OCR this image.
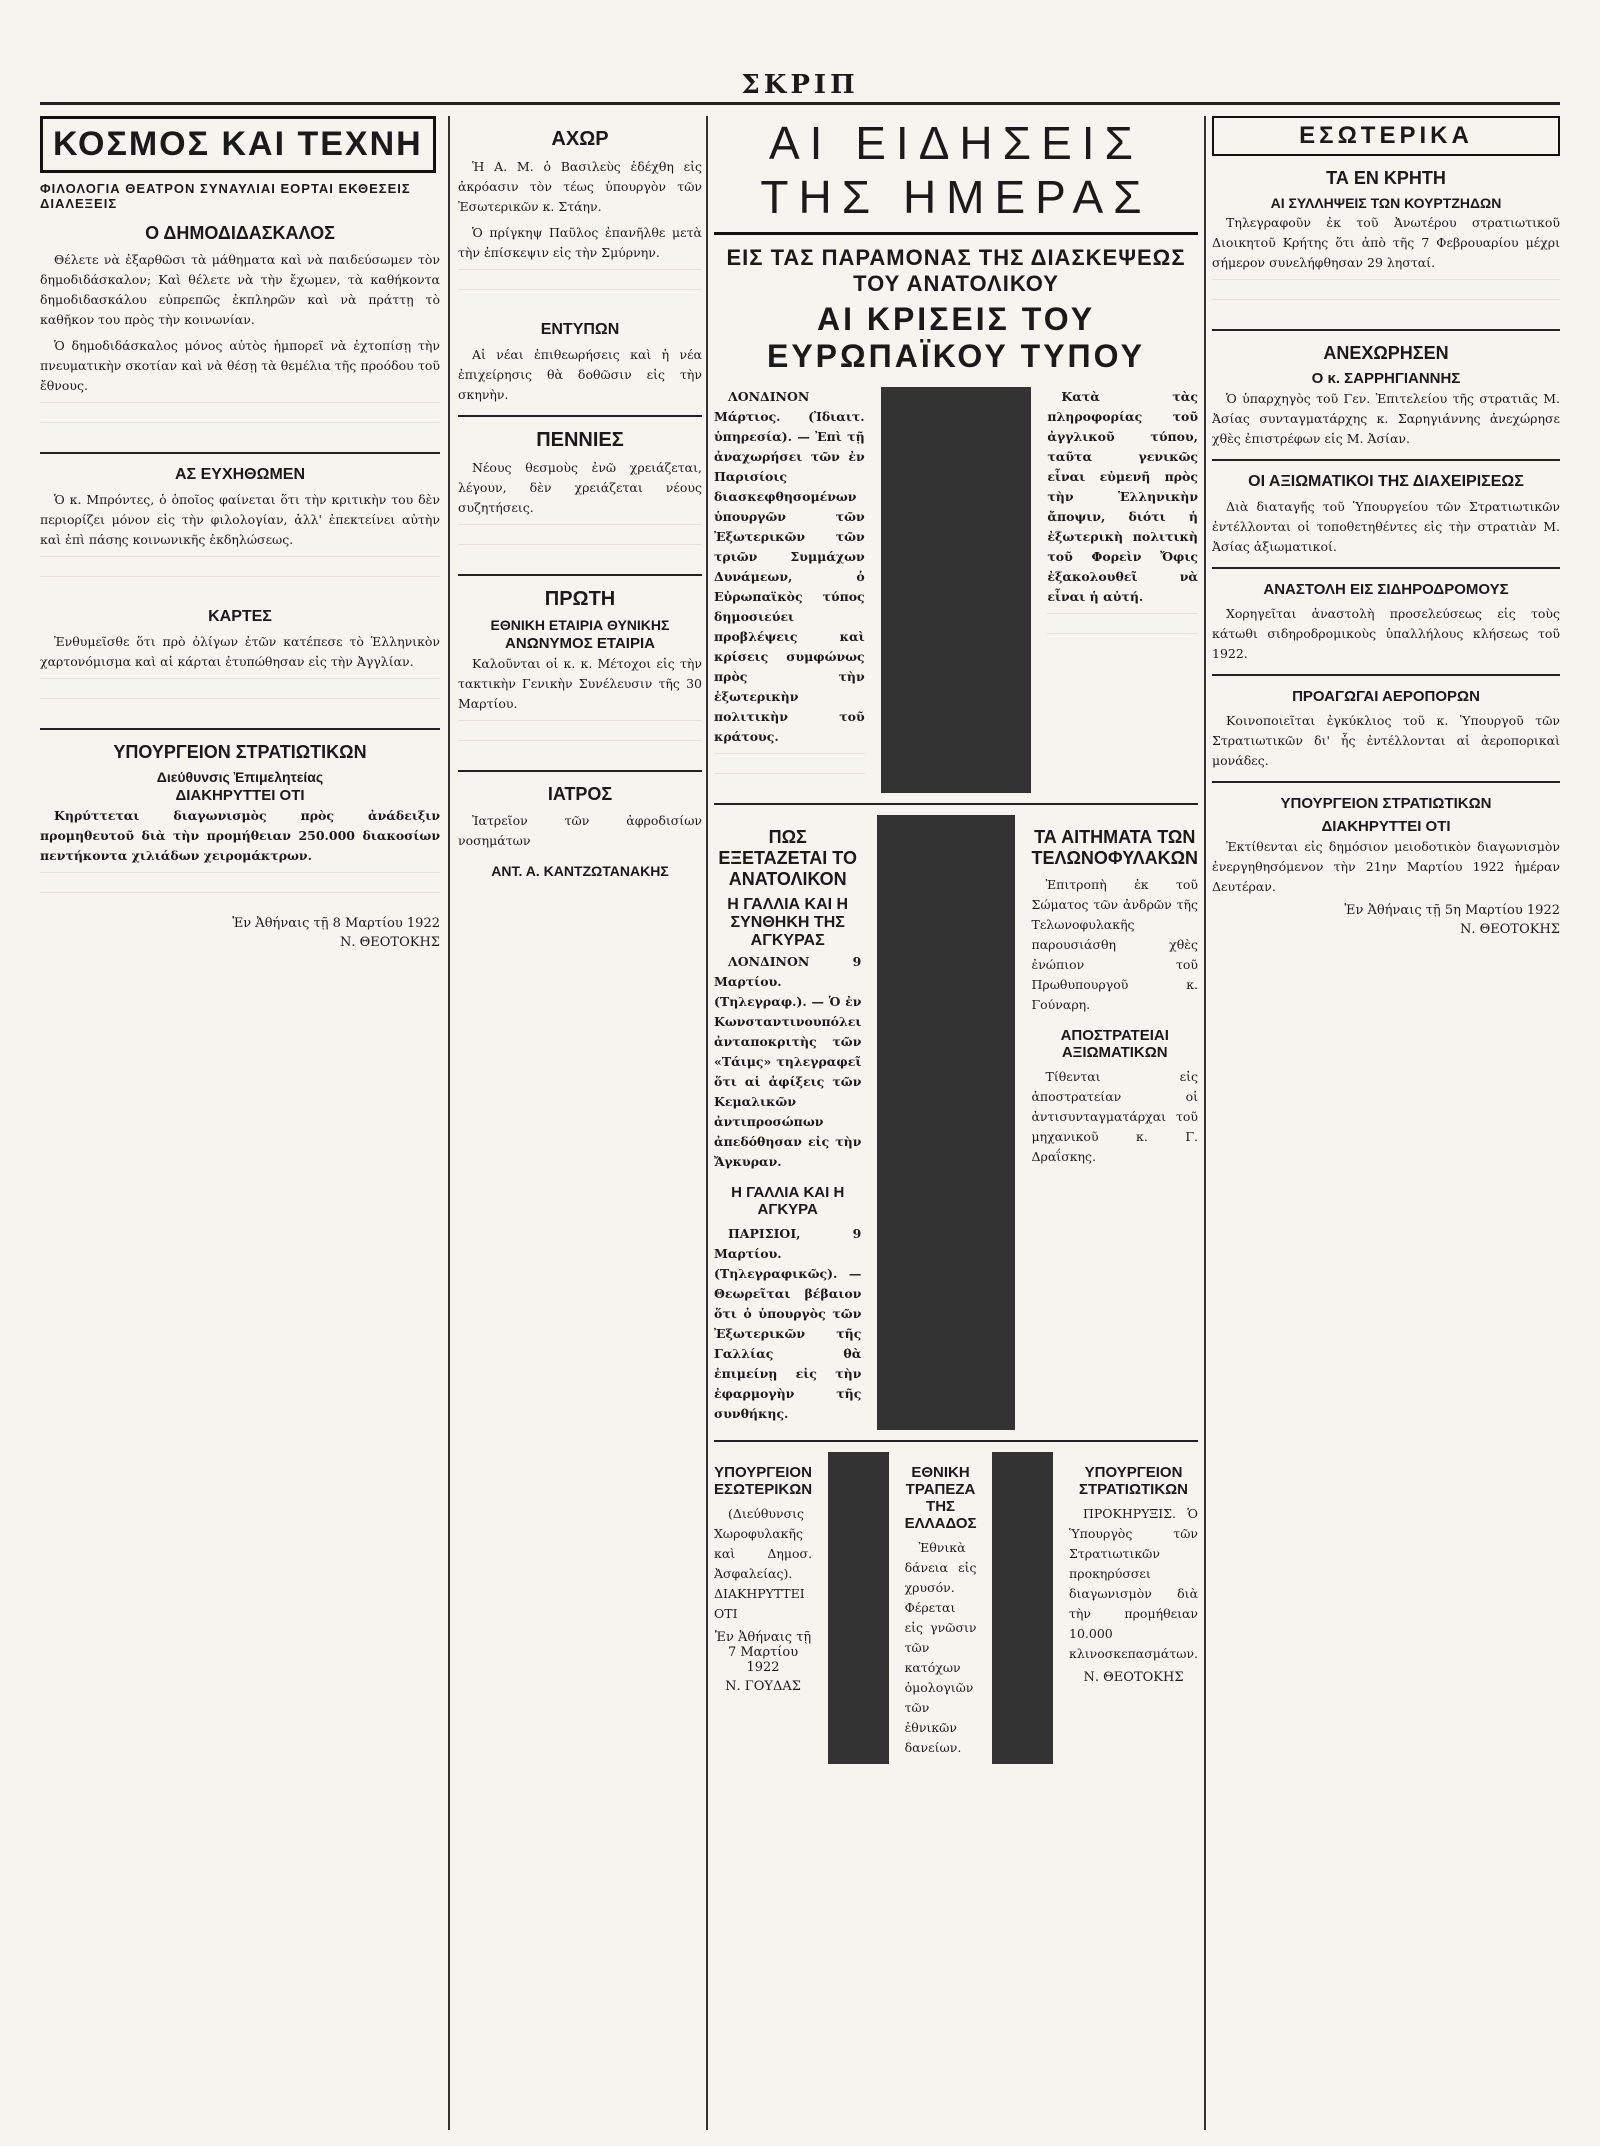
ΣΚΡΙΠ
ΚΟΣΜΟΣ ΚΑΙ ΤΕΧΝΗ
ΦΙΛΟΛΟΓΙΑ ΘΕΑΤΡΟΝ ΣΥΝΑΥΛΙΑΙ ΕΟΡΤΑΙ ΕΚΘΕΣΕΙΣ ΔΙΑΛΕΞΕΙΣ
Ο ΔΗΜΟΔΙΔΑΣΚΑΛΟΣ

Θέλετε νὰ ἐξαρθῶσι τὰ μάθηματα καὶ νὰ παιδεύσωμεν τὸν δημοδιδάσκαλον; Καὶ θέλετε νὰ τὴν ἔχωμεν, τὰ καθήκοντα δημοδιδασκάλου εὐπρεπῶς ἐκπληρῶν καὶ νὰ πράττῃ τὸ καθῆκον του πρὸς τὴν κοινωνίαν.

Ὁ δημοδιδάσκαλος μόνος αὐτὸς ἡμπορεῖ νὰ ἐχτοπίσῃ τὴν πνευματικὴν σκοτίαν καὶ νὰ θέσῃ τὰ θεμέλια τῆς προόδου τοῦ ἔθνους.

ΑΣ ΕΥΧΗΘΩΜΕΝ

Ὁ κ. Μπρόντες, ὁ ὁποῖος φαίνεται ὅτι τὴν κριτικὴν του δὲν περιορίζει μόνον εἰς τὴν φιλολογίαν, ἀλλ' ἐπεκτείνει αὐτὴν καὶ ἐπὶ πάσης κοινωνικῆς ἐκδηλώσεως.

ΚΑΡΤΕΣ

Ἐνθυμεῖσθε ὅτι πρὸ ὀλίγων ἐτῶν κατέπεσε τὸ Ἑλληνικὸν χαρτονόμισμα καὶ αἱ κάρται ἐτυπώθησαν εἰς τὴν Ἀγγλίαν.

ΥΠΟΥΡΓΕΙΟΝ ΣΤΡΑΤΙΩΤΙΚΩΝ
Διεύθυνσις Ἐπιμελητείας
ΔΙΑΚΗΡΥΤΤΕΙ ΟΤΙ

Κηρύττεται διαγωνισμὸς πρὸς ἀνάδειξιν προμηθευτοῦ διὰ τὴν προμήθειαν 250.000 διακοσίων πεντήκοντα χιλιάδων χειρομάκτρων.

Ἐν Ἀθήναις τῇ 8 Μαρτίου 1922
Ν. ΘΕΟΤΟΚΗΣ
ΑΧΩΡ

Ἡ Α. Μ. ὁ Βασιλεὺς ἐδέχθη εἰς ἀκρόασιν τὸν τέως ὑπουργὸν τῶν Ἐσωτερικῶν κ. Στάην.

Ὁ πρίγκηψ Παῦλος ἐπανῆλθε μετὰ τὴν ἐπίσκεψιν εἰς τὴν Σμύρνην.

ΕΝΤΥΠΩΝ

Αἱ νέαι ἐπιθεωρήσεις καὶ ἡ νέα ἐπιχείρησις θὰ δοθῶσιν εἰς τὴν σκηνὴν.

ΠΕΝΝΙΕΣ

Νέους θεσμοὺς ἐνῶ χρειάζεται, λέγουν, δὲν χρειάζεται νέους συζητήσεις.

ΠΡΩΤΗ
ΕΘΝΙΚΗ ΕΤΑΙΡΙΑ ΘΥΝΙΚΗΣ
ΑΝΩΝΥΜΟΣ ΕΤΑΙΡΙΑ

Καλοῦνται οἱ κ. κ. Μέτοχοι εἰς τὴν τακτικὴν Γενικὴν Συνέλευσιν τῆς 30 Μαρτίου.

ΙΑΤΡΟΣ

Ἰατρεῖον τῶν ἀφροδισίων νοσημάτων

ΑΝΤ. Α. ΚΑΝΤΖΩΤΑΝΑΚΗΣ
ΑΙ ΕΙΔΗΣΕΙΣ ΤΗΣ ΗΜΕΡΑΣ
ΕΙΣ ΤΑΣ ΠΑΡΑΜΟΝΑΣ ΤΗΣ ΔΙΑΣΚΕΨΕΩΣ ΤΟΥ ΑΝΑΤΟΛΙΚΟΥ
ΑΙ ΚΡΙΣΕΙΣ ΤΟΥ ΕΥΡΩΠΑΪΚΟΥ ΤΥΠΟΥ

ΛΟΝΔΙΝΟΝ Μάρτιος. (Ἰδιαιτ. ὑπηρεσία). — Ἐπὶ τῇ ἀναχωρήσει τῶν ἐν Παρισίοις διασκεφθησομένων ὑπουργῶν τῶν Ἐξωτερικῶν τῶν τριῶν Συμμάχων Δυνάμεων, ὁ Εὐρωπαϊκὸς τύπος δημοσιεύει προβλέψεις καὶ κρίσεις συμφώνως πρὸς τὴν ἐξωτερικὴν πολιτικὴν τοῦ κράτους.

Κατὰ τὰς πληροφορίας τοῦ ἀγγλικοῦ τύπου, ταῦτα γενικῶς εἶναι εὐμενῆ πρὸς τὴν Ἑλληνικὴν ἄποψιν, διότι ἡ ἐξωτερικὴ πολιτικὴ τοῦ Φορεὶν Ὄφις ἐξακολουθεῖ νὰ εἶναι ἡ αὐτή.

ΠΩΣ ΕΞΕΤΑΖΕΤΑΙ ΤΟ ΑΝΑΤΟΛΙΚΟΝ
Η ΓΑΛΛΙΑ ΚΑΙ Η ΣΥΝΘΗΚΗ ΤΗΣ ΑΓΚΥΡΑΣ

ΛΟΝΔΙΝΟΝ 9 Μαρτίου. (Τηλεγραφ.). — Ὁ ἐν Κωνσταντινουπόλει ἀνταποκριτὴς τῶν «Τάιμς» τηλεγραφεῖ ὅτι αἱ ἀφίξεις τῶν Κεμαλικῶν ἀντιπροσώπων ἀπεδόθησαν εἰς τὴν Ἄγκυραν.

Η ΓΑΛΛΙΑ ΚΑΙ Η ΑΓΚΥΡΑ

ΠΑΡΙΣΙΟΙ, 9 Μαρτίου. (Τηλεγραφικῶς). — Θεωρεῖται βέβαιον ὅτι ὁ ὑπουργὸς τῶν Ἐξωτερικῶν τῆς Γαλλίας θὰ ἐπιμείνῃ εἰς τὴν ἐφαρμογὴν τῆς συνθήκης.

ΤΑ ΑΙΤΗΜΑΤΑ ΤΩΝ ΤΕΛΩΝΟΦΥΛΑΚΩΝ

Ἐπιτροπὴ ἐκ τοῦ Σώματος τῶν ἀνδρῶν τῆς Τελωνοφυλακῆς παρουσιάσθη χθὲς ἐνώπιον τοῦ Πρωθυπουργοῦ κ. Γούναρη.

ΑΠΟΣΤΡΑΤΕΙΑΙ ΑΞΙΩΜΑΤΙΚΩΝ

Τίθενται εἰς ἀποστρατείαν οἱ ἀντισυνταγματάρχαι τοῦ μηχανικοῦ κ. Γ. Δραΐσκης.

ΥΠΟΥΡΓΕΙΟΝ ΕΣΩΤΕΡΙΚΩΝ

(Διεύθυνσις Χωροφυλακῆς καὶ Δημοσ. Ἀσφαλείας). ΔΙΑΚΗΡΥΤΤΕΙ ΟΤΙ

Ἐν Ἀθήναις τῇ 7 Μαρτίου 1922
Ν. ΓΟΥΔΑΣ
ΕΘΝΙΚΗ ΤΡΑΠΕΖΑ ΤΗΣ ΕΛΛΑΔΟΣ

Ἐθνικὰ δάνεια εἰς χρυσόν. Φέρεται εἰς γνῶσιν τῶν κατόχων ὁμολογιῶν τῶν ἐθνικῶν δανείων.

ΥΠΟΥΡΓΕΙΟΝ ΣΤΡΑΤΙΩΤΙΚΩΝ

ΠΡΟΚΗΡΥΞΙΣ. Ὁ Ὑπουργὸς τῶν Στρατιωτικῶν προκηρύσσει διαγωνισμὸν διὰ τὴν προμήθειαν 10.000 κλινοσκεπασμάτων.

Ν. ΘΕΟΤΟΚΗΣ
ΕΣΩΤΕΡΙΚΑ
ΤΑ ΕΝ ΚΡΗΤΗ
ΑΙ ΣΥΛΛΗΨΕΙΣ ΤΩΝ ΚΟΥΡΤΖΗΔΩΝ

Τηλεγραφοῦν ἐκ τοῦ Ἀνωτέρου στρατιωτικοῦ Διοικητοῦ Κρήτης ὅτι ἀπὸ τῆς 7 Φεβρουαρίου μέχρι σήμερον συνελήφθησαν 29 λησταί.

ΑΝΕΧΩΡΗΣΕΝ
Ο κ. ΣΑΡΡΗΓΙΑΝΝΗΣ

Ὁ ὑπαρχηγὸς τοῦ Γεν. Ἐπιτελείου τῆς στρατιᾶς Μ. Ἀσίας συνταγματάρχης κ. Σαρηγιάννης ἀνεχώρησε χθὲς ἐπιστρέφων εἰς Μ. Ἀσίαν.

ΟΙ ΑΞΙΩΜΑΤΙΚΟΙ ΤΗΣ ΔΙΑΧΕΙΡΙΣΕΩΣ

Διὰ διαταγῆς τοῦ Ὑπουργείου τῶν Στρατιωτικῶν ἐντέλλονται οἱ τοποθετηθέντες εἰς τὴν στρατιὰν Μ. Ἀσίας ἀξιωματικοί.

ΑΝΑΣΤΟΛΗ ΕΙΣ ΣΙΔΗΡΟΔΡΟΜΟΥΣ

Χορηγεῖται ἀναστολὴ προσελεύσεως εἰς τοὺς κάτωθι σιδηροδρομικοὺς ὑπαλλήλους κλήσεως τοῦ 1922.

ΠΡΟΑΓΩΓΑΙ ΑΕΡΟΠΟΡΩΝ

Κοινοποιεῖται ἐγκύκλιος τοῦ κ. Ὑπουργοῦ τῶν Στρατιωτικῶν δι' ἧς ἐντέλλονται αἱ ἀεροπορικαὶ μονάδες.

ΥΠΟΥΡΓΕΙΟΝ ΣΤΡΑΤΙΩΤΙΚΩΝ
ΔΙΑΚΗΡΥΤΤΕΙ ΟΤΙ

Ἐκτίθενται εἰς δημόσιον μειοδοτικὸν διαγωνισμὸν ἐνεργηθησόμενον τὴν 21ην Μαρτίου 1922 ἡμέραν Δευτέραν.

Ἐν Ἀθήναις τῇ 5η Μαρτίου 1922
Ν. ΘΕΟΤΟΚΗΣ
